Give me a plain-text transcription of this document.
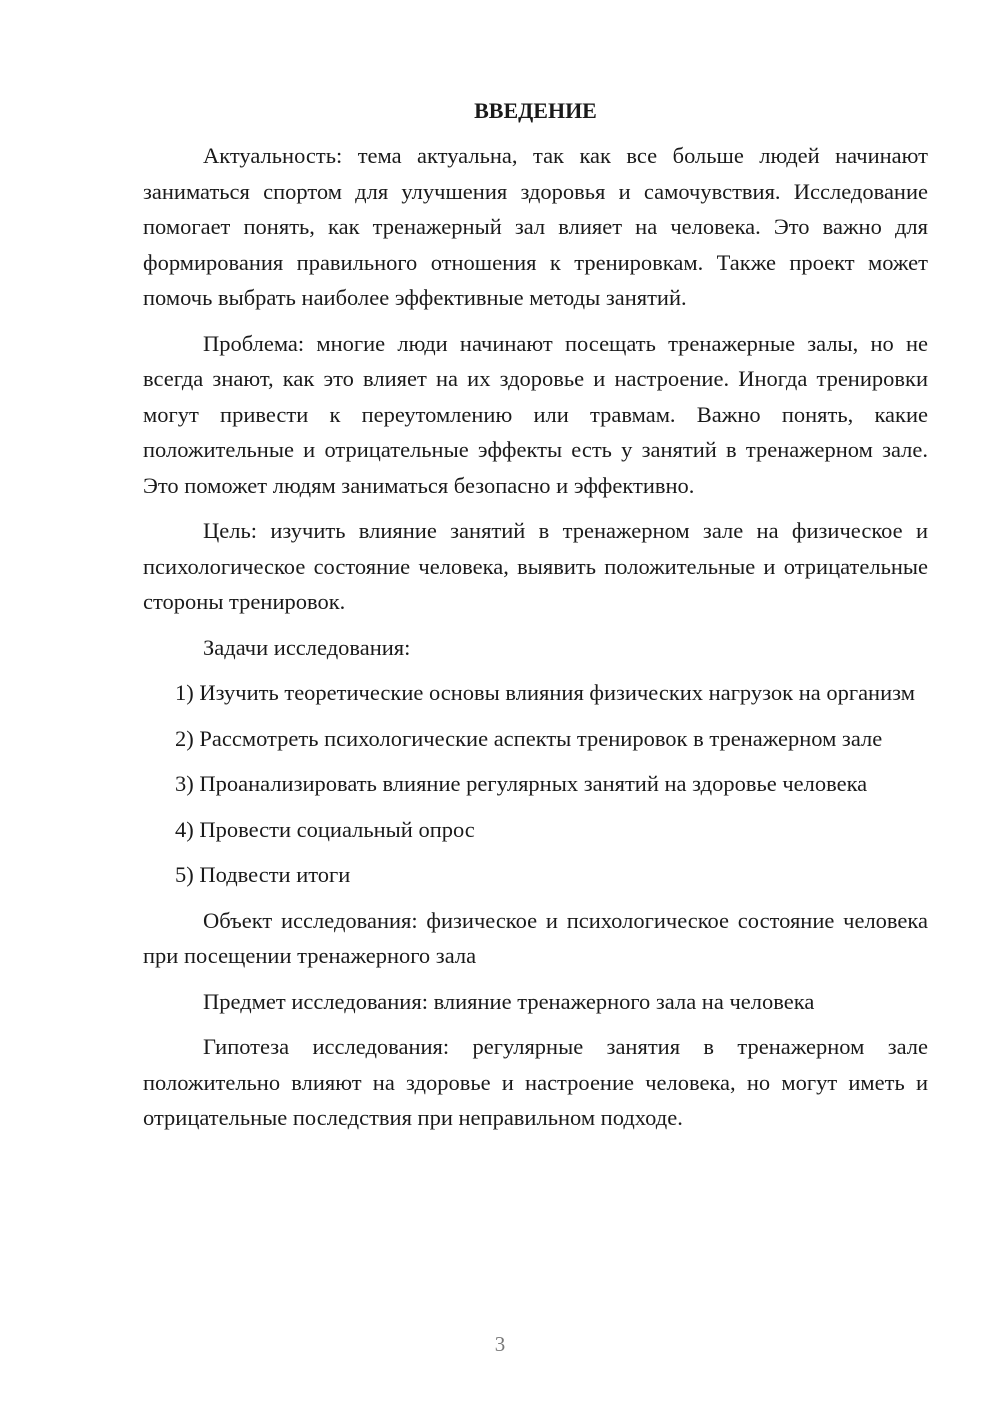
ВВЕДЕНИЕ

Актуальность: тема актуальна, так как все больше людей начинают заниматься спортом для улучшения здоровья и самочувствия. Исследование помогает понять, как тренажерный зал влияет на человека. Это важно для формирования правильного отношения к тренировкам. Также проект может помочь выбрать наиболее эффективные методы занятий.

Проблема: многие люди начинают посещать тренажерные залы, но не всегда знают, как это влияет на их здоровье и настроение. Иногда тренировки могут привести к переутомлению или травмам. Важно понять, какие положительные и отрицательные эффекты есть у занятий в тренажерном зале. Это поможет людям заниматься безопасно и эффективно.

Цель: изучить влияние занятий в тренажерном зале на физическое и психологическое состояние человека, выявить положительные и отрицательные стороны тренировок.

Задачи исследования:

1) Изучить теоретические основы влияния физических нагрузок на организм

2) Рассмотреть психологические аспекты тренировок в тренажерном зале

3) Проанализировать влияние регулярных занятий на здоровье человека

4) Провести социальный опрос

5) Подвести итоги

Объект исследования: физическое и психологическое состояние человека при посещении тренажерного зала

Предмет исследования: влияние тренажерного зала на человека

Гипотеза исследования: регулярные занятия в тренажерном зале положительно влияют на здоровье и настроение человека, но могут иметь и отрицательные последствия при неправильном подходе.

3
